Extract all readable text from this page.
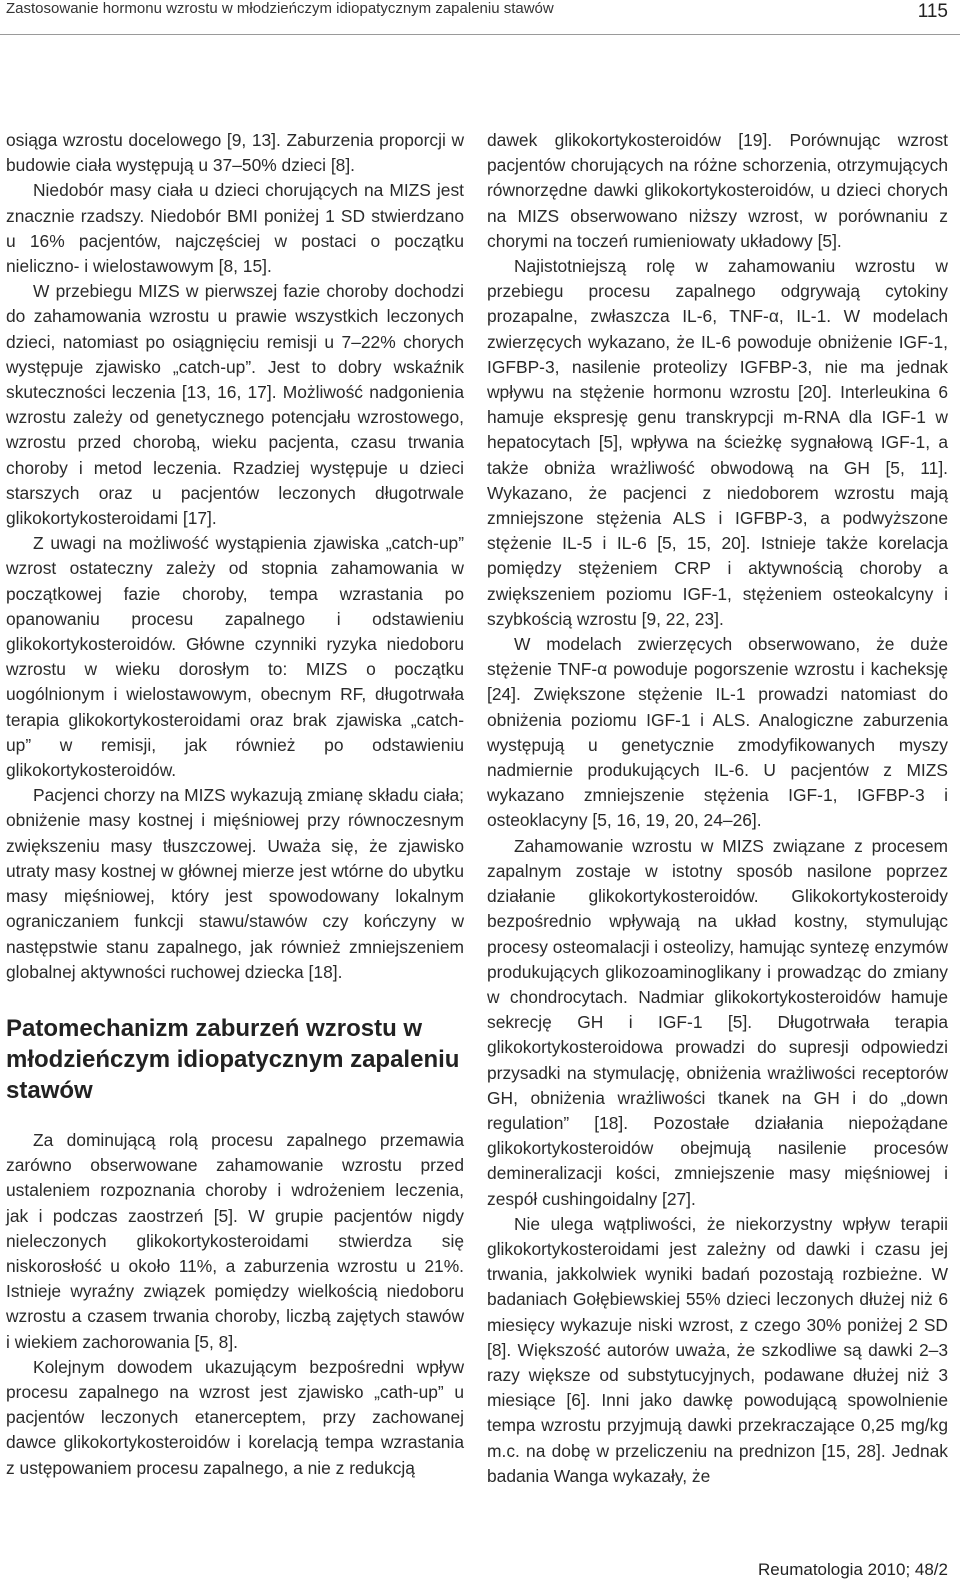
Zastosowanie hormonu wzrostu w młodzieńczym idiopatycznym zapaleniu stawów	115

osiąga wzrostu docelowego [9, 13]. Zaburzenia proporcji w budowie ciała występują u 37–50% dzieci [8].

Niedobór masy ciała u dzieci chorujących na MIZS jest znacznie rzadszy. Niedobór BMI poniżej 1 SD stwierdzano u 16% pacjentów, najczęściej w postaci o początku nieliczno- i wielostawowym [8, 15].

W przebiegu MIZS w pierwszej fazie choroby dochodzi do zahamowania wzrostu u prawie wszystkich leczonych dzieci, natomiast po osiągnięciu remisji u 7–22% chorych występuje zjawisko „catch-up”. Jest to dobry wskaźnik skuteczności leczenia [13, 16, 17]. Możliwość nadgonienia wzrostu zależy od genetycznego potencjału wzrostowego, wzrostu przed chorobą, wieku pacjenta, czasu trwania choroby i metod leczenia. Rzadziej występuje u dzieci starszych oraz u pacjentów leczonych długotrwale glikokortykosteroidami [17].

Z uwagi na możliwość wystąpienia zjawiska „catch-up” wzrost ostateczny zależy od stopnia zahamowania w początkowej fazie choroby, tempa wzrastania po opanowaniu procesu zapalnego i odstawieniu glikokortykosteroidów. Główne czynniki ryzyka niedoboru wzrostu w wieku dorosłym to: MIZS o początku uogólnionym i wielostawowym, obecnym RF, długotrwała terapia glikokortykosteroidami oraz brak zjawiska „catch-up” w remisji, jak również po odstawieniu glikokortykosteroidów.

Pacjenci chorzy na MIZS wykazują zmianę składu ciała; obniżenie masy kostnej i mięśniowej przy równoczesnym zwiększeniu masy tłuszczowej. Uważa się, że zjawisko utraty masy kostnej w głównej mierze jest wtórne do ubytku masy mięśniowej, który jest spowodowany lokalnym ograniczaniem funkcji stawu/stawów czy kończyny w następstwie stanu zapalnego, jak również zmniejszeniem globalnej aktywności ruchowej dziecka [18].

Patomechanizm zaburzeń wzrostu w młodzieńczym idiopatycznym zapaleniu stawów

Za dominującą rolą procesu zapalnego przemawia zarówno obserwowane zahamowanie wzrostu przed ustaleniem rozpoznania choroby i wdrożeniem leczenia, jak i podczas zaostrzeń [5]. W grupie pacjentów nigdy nieleczonych glikokortykosteroidami stwierdza się niskorosłość u około 11%, a zaburzenia wzrostu u 21%. Istnieje wyraźny związek pomiędzy wielkością niedoboru wzrostu a czasem trwania choroby, liczbą zajętych stawów i wiekiem zachorowania [5, 8].

Kolejnym dowodem ukazującym bezpośredni wpływ procesu zapalnego na wzrost jest zjawisko „cath-up” u pacjentów leczonych etanerceptem, przy zachowanej dawce glikokortykosteroidów i korelacją tempa wzrastania z ustępowaniem procesu zapalnego, a nie z redukcją

dawek glikokortykosteroidów [19]. Porównując wzrost pacjentów chorujących na różne schorzenia, otrzymujących równorzędne dawki glikokortykosteroidów, u dzieci chorych na MIZS obserwowano niższy wzrost, w porównaniu z chorymi na toczeń rumieniowaty układowy [5].

Najistotniejszą rolę w zahamowaniu wzrostu w przebiegu procesu zapalnego odgrywają cytokiny prozapalne, zwłaszcza IL-6, TNF-α, IL-1. W modelach zwierzęcych wykazano, że IL-6 powoduje obniżenie IGF-1, IGFBP-3, nasilenie proteolizy IGFBP-3, nie ma jednak wpływu na stężenie hormonu wzrostu [20]. Interleukina 6 hamuje ekspresję genu transkrypcji m-RNA dla IGF-1 w hepatocytach [5], wpływa na ścieżkę sygnałową IGF-1, a także obniża wrażliwość obwodową na GH [5, 11]. Wykazano, że pacjenci z niedoborem wzrostu mają zmniejszone stężenia ALS i IGFBP-3, a podwyższone stężenie IL-5 i IL-6 [5, 15, 20]. Istnieje także korelacja pomiędzy stężeniem CRP i aktywnością choroby a zwiększeniem poziomu IGF-1, stężeniem osteokalcyny i szybkością wzrostu [9, 22, 23].

W modelach zwierzęcych obserwowano, że duże stężenie TNF-α powoduje pogorszenie wzrostu i kacheksję [24]. Zwiększone stężenie IL-1 prowadzi natomiast do obniżenia poziomu IGF-1 i ALS. Analogiczne zaburzenia występują u genetycznie zmodyfikowanych myszy nadmiernie produkujących IL-6. U pacjentów z MIZS wykazano zmniejszenie stężenia IGF-1, IGFBP-3 i osteoklacyny [5, 16, 19, 20, 24–26].

Zahamowanie wzrostu w MIZS związane z procesem zapalnym zostaje w istotny sposób nasilone poprzez działanie glikokortykosteroidów. Glikokortykosteroidy bezpośrednio wpływają na układ kostny, stymulując procesy osteomalacji i osteolizy, hamując syntezę enzymów produkujących glikozoaminoglikany i prowadząc do zmiany w chondrocytach. Nadmiar glikokortykosteroidów hamuje sekrecję GH i IGF-1 [5]. Długotrwała terapia glikokortykosteroidowa prowadzi do supresji odpowiedzi przysadki na stymulację, obniżenia wrażliwości receptorów GH, obniżenia wrażliwości tkanek na GH i do „down regulation” [18]. Pozostałe działania niepożądane glikokortykosteroidów obejmują nasilenie procesów demineralizacji kości, zmniejszenie masy mięśniowej i zespół cushingoidalny [27].

Nie ulega wątpliwości, że niekorzystny wpływ terapii glikokortykosteroidami jest zależny od dawki i czasu jej trwania, jakkolwiek wyniki badań pozostają rozbieżne. W badaniach Gołębiewskiej 55% dzieci leczonych dłużej niż 6 miesięcy wykazuje niski wzrost, z czego 30% poniżej 2 SD [8]. Większość autorów uważa, że szkodliwe są dawki 2–3 razy większe od substytucyjnych, podawane dłużej niż 3 miesiące [6]. Inni jako dawkę powodującą spowolnienie tempa wzrostu przyjmują dawki przekraczające 0,25 mg/kg m.c. na dobę w przeliczeniu na prednizon [15, 28]. Jednak badania Wanga wykazały, że

Reumatologia 2010; 48/2
